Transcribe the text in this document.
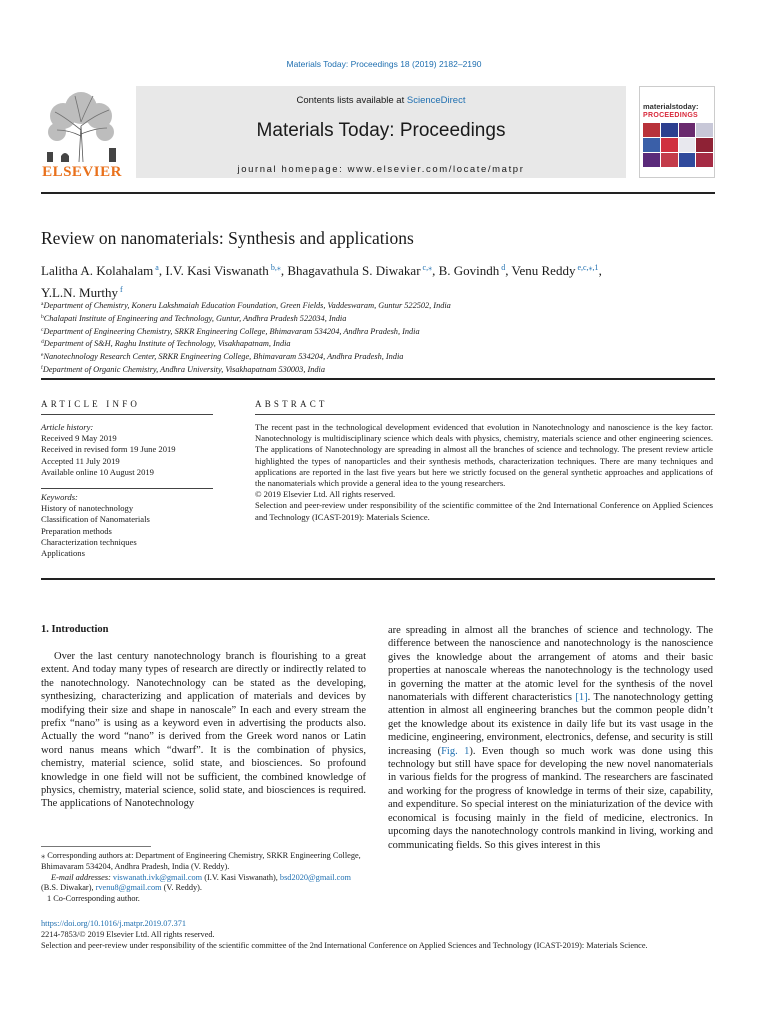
Materials Today: Proceedings 18 (2019) 2182–2190
ELSEVIER
Contents lists available at ScienceDirect
Materials Today: Proceedings
journal homepage: www.elsevier.com/locate/matpr
materialstoday:
PROCEEDINGS
Review on nanomaterials: Synthesis and applications
Lalitha A. Kolahalam $^a$, I.V. Kasi Viswanath $^{b,⁎}$, Bhagavathula S. Diwakar $^{c,⁎}$, B. Govindh $^d$, Venu Reddy $^{e,c,⁎,1}$,
Y.L.N. Murthy $^f$
$^a$Department of Chemistry, Koneru Lakshmaiah Education Foundation, Green Fields, Vaddeswaram, Guntur 522502, India
$^b$Chalapati Institute of Engineering and Technology, Guntur, Andhra Pradesh 522034, India
$^c$Department of Engineering Chemistry, SRKR Engineering College, Bhimavaram 534204, Andhra Pradesh, India
$^d$Department of S&H, Raghu Institute of Technology, Visakhapatnam, India
$^e$Nanotechnology Research Center, SRKR Engineering College, Bhimavaram 534204, Andhra Pradesh, India
$^f$Department of Organic Chemistry, Andhra University, Visakhapatnam 530003, India
ARTICLE INFO
Article history:
Received 9 May 2019
Received in revised form 19 June 2019
Accepted 11 July 2019
Available online 10 August 2019
Keywords:
History of nanotechnology
Classification of Nanomaterials
Preparation methods
Characterization techniques
Applications
ABSTRACT

The recent past in the technological development evidenced that evolution in Nanotechnology and nanoscience is the key factor. Nanotechnology is multidisciplinary science which deals with physics, chemistry, materials science and other engineering sciences. The applications of Nanotechnology are spreading in almost all the branches of science and technology. The present review article highlighted the types of nanoparticles and their synthesis methods, characterization techniques. There are many techniques and applications are reported in the last five years but here we strictly focused on the general synthetic approaches and applications of the nanomaterials which provide a general idea to the young researchers.

© 2019 Elsevier Ltd. All rights reserved.

Selection and peer-review under responsibility of the scientific committee of the 2nd International Conference on Applied Sciences and Technology (ICAST-2019): Materials Science.

1. Introduction

Over the last century nanotechnology branch is flourishing to a great extent. And today many types of research are directly or indirectly related to the nanotechnology. Nanotechnology can be stated as the developing, synthesizing, characterizing and application of materials and devices by modifying their size and shape in nanoscale” In each and every stream the prefix “nano” is using as a keyword even in advertising the products also. Actually the word “nano” is derived from the Greek word nanos or Latin word nanus means which “dwarf”. It is the combination of physics, chemistry, material science, solid state, and biosciences. So profound knowledge in one field will not be sufficient, the combined knowledge of physics, chemistry, material science, solid state, and biosciences is required. The applications of Nanotechnology

are spreading in almost all the branches of science and technology. The difference between the nanoscience and nanotechnology is the nanoscience gives the knowledge about the arrangement of atoms and their basic properties at nanoscale whereas the nanotechnology is the technology used in governing the matter at the atomic level for the synthesis of the novel nanomaterials with different characteristics [1]. The nanotechnology getting attention in almost all engineering branches but the common people didn’t get the knowledge about its existence in daily life but its vast usage in the medicine, engineering, environment, electronics, defense, and security is still increasing (Fig. 1). Even though so much work was done using this technology but still have space for developing the new novel nanomaterials in various fields for the progress of mankind. The researchers are fascinated and working for the progress of knowledge in terms of their size, capability, and expenditure. So special interest on the miniaturization of the device with economical is focusing mainly in the field of medicine, electronics. In upcoming days the nanotechnology controls mankind in living, working and communicating fields. So this gives interest in this

⁎ Corresponding authors at: Department of Engineering Chemistry, SRKR Engineering College, Bhimavaram 534204, Andhra Pradesh, India (V. Reddy).

E-mail addresses: viswanath.ivk@gmail.com (I.V. Kasi Viswanath), bsd2020@gmail.com (B.S. Diwakar), rvenu8@gmail.com (V. Reddy).

1 Co-Corresponding author.

https://doi.org/10.1016/j.matpr.2019.07.371

2214-7853/© 2019 Elsevier Ltd. All rights reserved.

Selection and peer-review under responsibility of the scientific committee of the 2nd International Conference on Applied Sciences and Technology (ICAST-2019): Materials Science.
